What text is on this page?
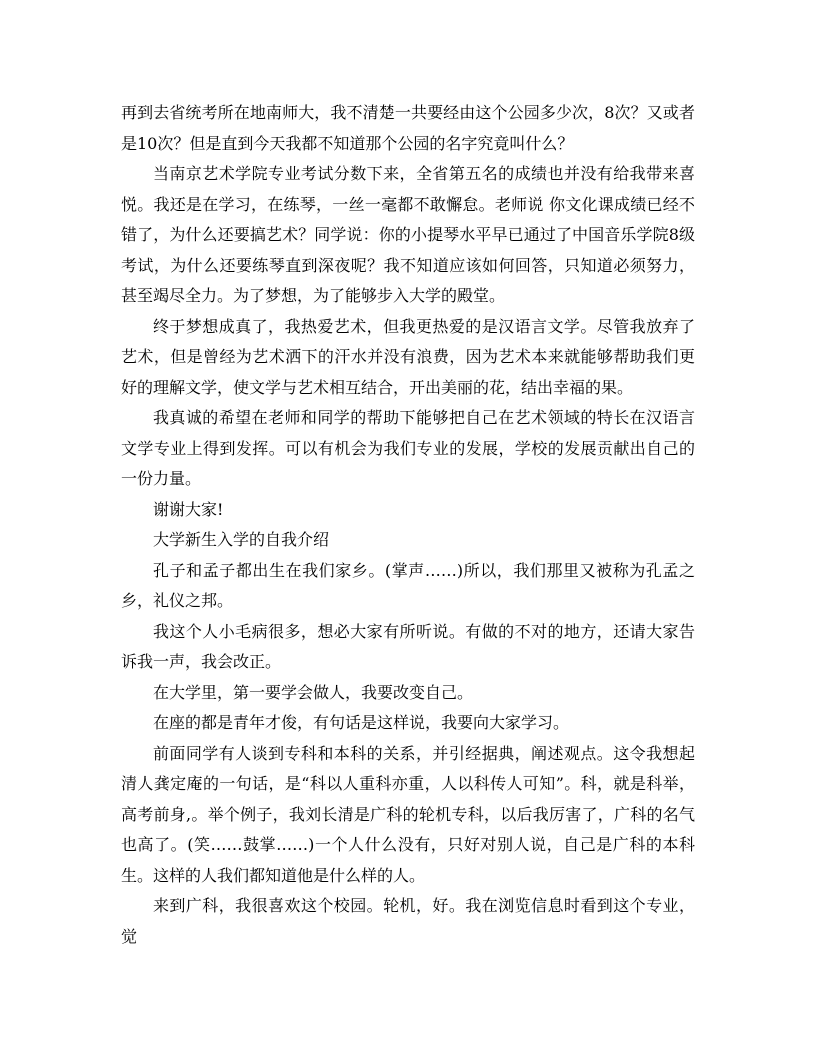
再到去省统考所在地南师大，我不清楚一共要经由这个公园多少次，8次？又或者是10次？但是直到今天我都不知道那个公园的名字究竟叫什么？

当南京艺术学院专业考试分数下来，全省第五名的成绩也并没有给我带来喜悦。我还是在学习，在练琴，一丝一毫都不敢懈怠。老师说 你文化课成绩已经不错了，为什么还要搞艺术？同学说：你的小提琴水平早已通过了中国音乐学院8级考试，为什么还要练琴直到深夜呢？我不知道应该如何回答，只知道必须努力，甚至竭尽全力。为了梦想，为了能够步入大学的殿堂。

终于梦想成真了，我热爱艺术，但我更热爱的是汉语言文学。尽管我放弃了艺术，但是曾经为艺术洒下的汗水并没有浪费，因为艺术本来就能够帮助我们更好的理解文学，使文学与艺术相互结合，开出美丽的花，结出幸福的果。

我真诚的希望在老师和同学的帮助下能够把自己在艺术领域的特长在汉语言文学专业上得到发挥。可以有机会为我们专业的发展，学校的发展贡献出自己的一份力量。

谢谢大家!

大学新生入学的自我介绍

孔子和孟子都出生在我们家乡。(掌声……)所以，我们那里又被称为孔孟之乡，礼仪之邦。

我这个人小毛病很多，想必大家有所听说。有做的不对的地方，还请大家告诉我一声，我会改正。

在大学里，第一要学会做人，我要改变自己。

在座的都是青年才俊，有句话是这样说，我要向大家学习。

前面同学有人谈到专科和本科的关系，并引经据典，阐述观点。这令我想起清人龚定庵的一句话，是“科以人重科亦重，人以科传人可知”。科，就是科举，高考前身,。举个例子，我刘长清是广科的轮机专科，以后我厉害了，广科的名气也高了。(笑……鼓掌……)一个人什么没有，只好对别人说，自己是广科的本科生。这样的人我们都知道他是什么样的人。

来到广科，我很喜欢这个校园。轮机，好。我在浏览信息时看到这个专业，觉
